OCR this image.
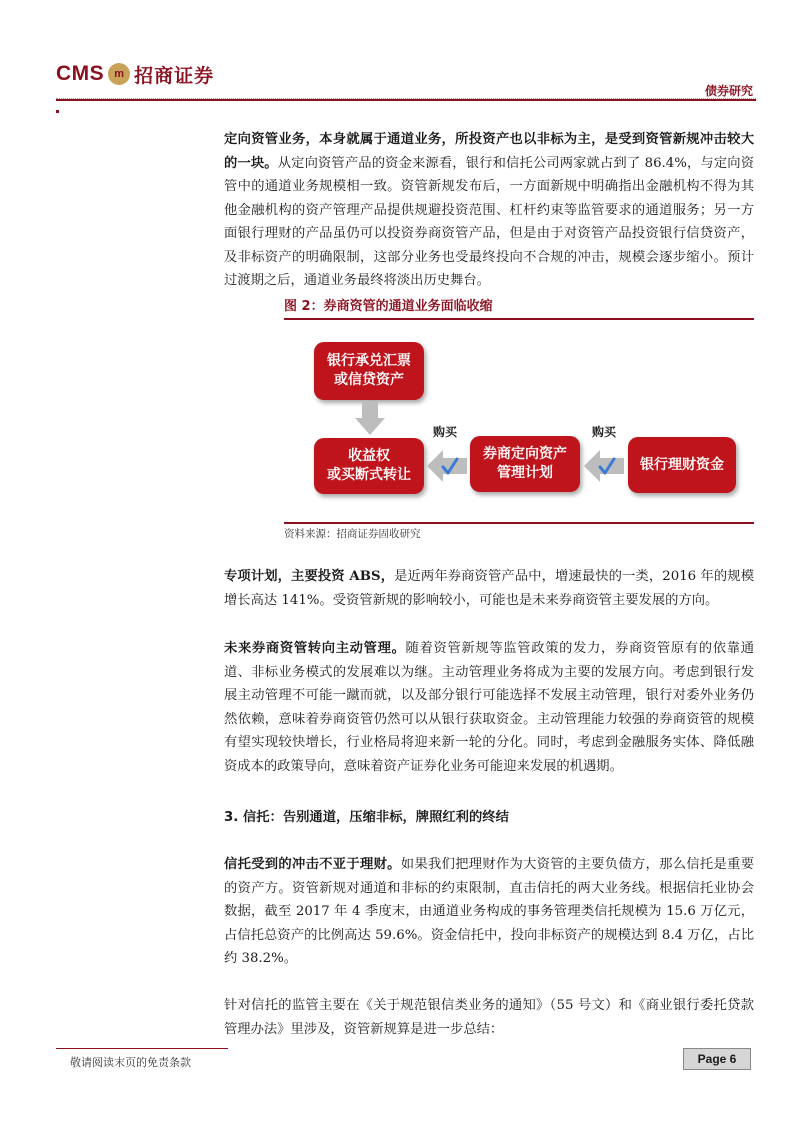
CMS m 招商证券
债券研究
定向资管业务，本身就属于通道业务，所投资产也以非标为主，是受到资管新规冲击较大的一块。从定向资管产品的资金来源看，银行和信托公司两家就占到了 86.4%，与定向资管中的通道业务规模相一致。资管新规发布后，一方面新规中明确指出金融机构不得为其他金融机构的资产管理产品提供规避投资范围、杠杆约束等监管要求的通道服务；另一方面银行理财的产品虽仍可以投资券商资管产品，但是由于对资管产品投资银行信贷资产，及非标资产的明确限制，这部分业务也受最终投向不合规的冲击，规模会逐步缩小。预计过渡期之后，通道业务最终将淡出历史舞台。
图 2：券商资管的通道业务面临收缩
银行承兑汇票
或信贷资产
收益权
或买断式转让
购买
券商定向资产
管理计划
购买
银行理财资金
资料来源：招商证券固收研究
专项计划，主要投资 ABS，是近两年券商资管产品中，增速最快的一类，2016 年的规模增长高达 141%。受资管新规的影响较小，可能也是未来券商资管主要发展的方向。
未来券商资管转向主动管理。随着资管新规等监管政策的发力，券商资管原有的依靠通道、非标业务模式的发展难以为继。主动管理业务将成为主要的发展方向。考虑到银行发展主动管理不可能一蹴而就，以及部分银行可能选择不发展主动管理，银行对委外业务仍然依赖，意味着券商资管仍然可以从银行获取资金。主动管理能力较强的券商资管的规模有望实现较快增长，行业格局将迎来新一轮的分化。同时，考虑到金融服务实体、降低融资成本的政策导向，意味着资产证券化业务可能迎来发展的机遇期。
3. 信托：告别通道，压缩非标，牌照红利的终结
信托受到的冲击不亚于理财。如果我们把理财作为大资管的主要负债方，那么信托是重要的资产方。资管新规对通道和非标的约束限制，直击信托的两大业务线。根据信托业协会数据，截至 2017 年 4 季度末，由通道业务构成的事务管理类信托规模为 15.6 万亿元，占信托总资产的比例高达 59.6%。资金信托中，投向非标资产的规模达到 8.4 万亿，占比约 38.2%。
针对信托的监管主要在《关于规范银信类业务的通知》（55 号文）和《商业银行委托贷款管理办法》里涉及，资管新规算是进一步总结：
敬请阅读末页的免责条款	Page 6
